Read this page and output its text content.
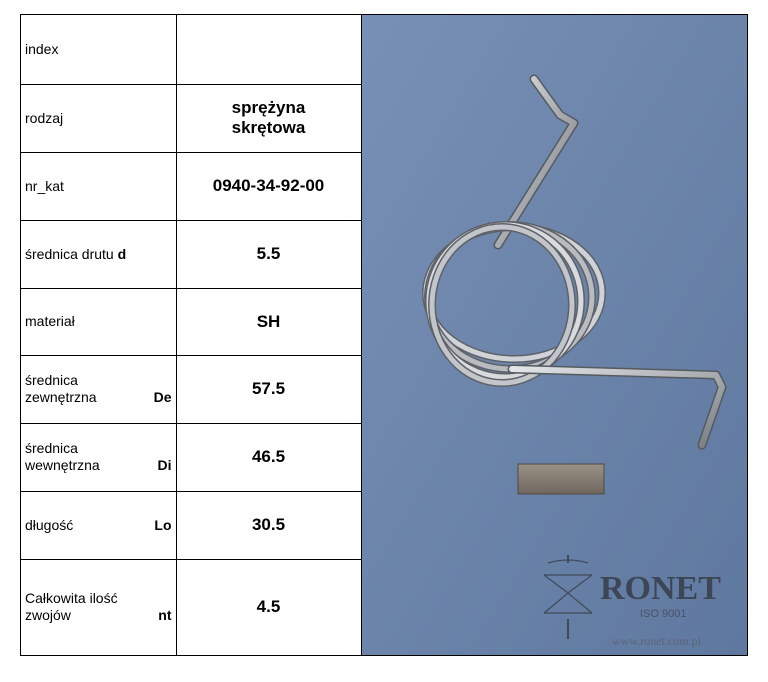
index	
rodzaj	sprężyna skrętowa
nr_kat	0940-34-92-00
średnica drutu d	5.5
materiał	SH

średnica
zewnętrzna De	57.5

średnica
wewnętrzna Di	46.5

długość Lo	30.5

Całkowita ilość
zwojów nt	4.5	RONET
ISO 9001
www.ronet.com.pl
